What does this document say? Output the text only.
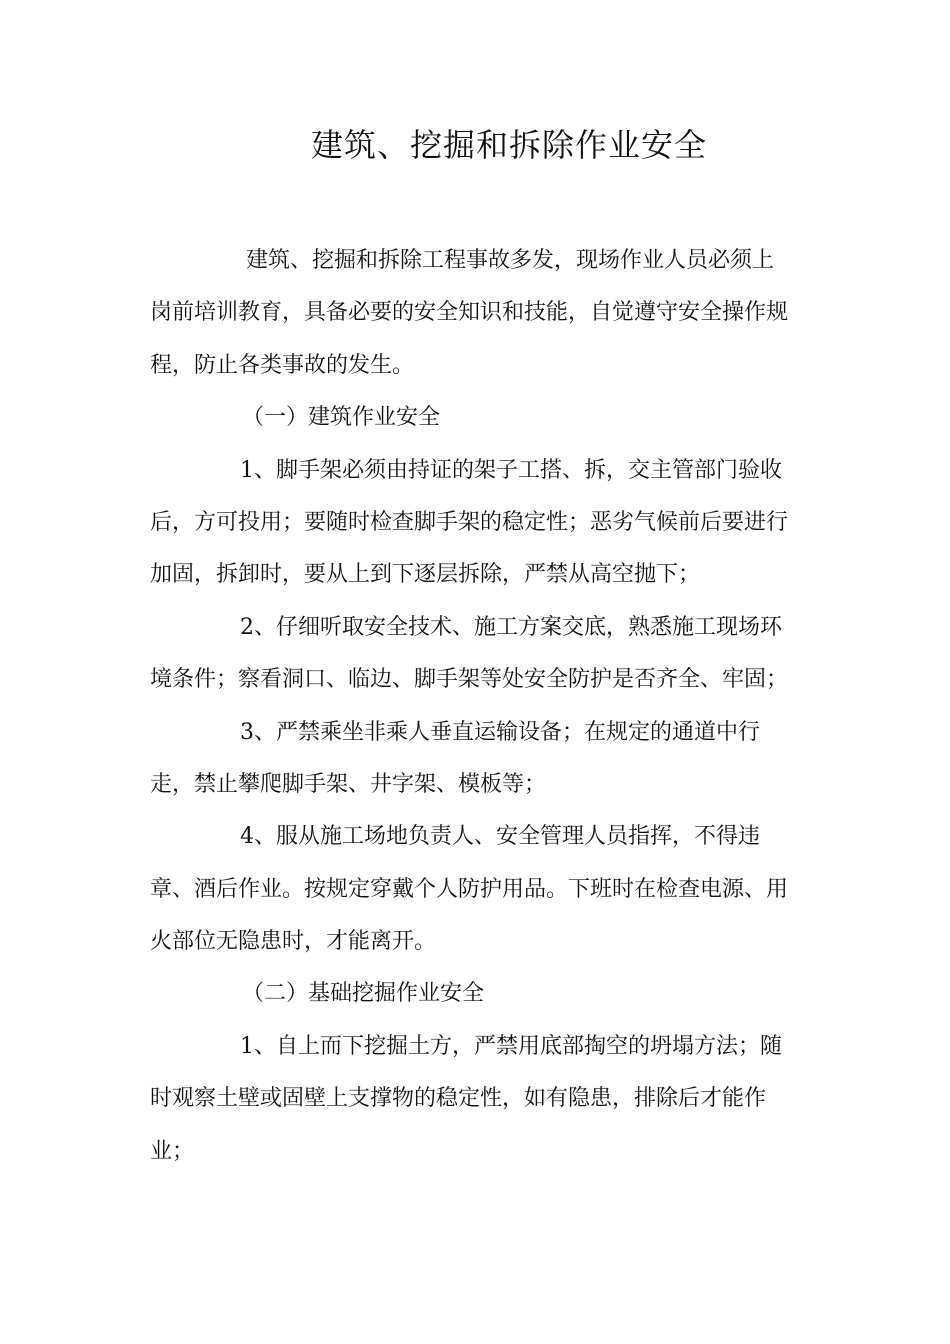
建筑、挖掘和拆除作业安全
建筑、挖掘和拆除工程事故多发，现场作业人员必须上
岗前培训教育，具备必要的安全知识和技能，自觉遵守安全操作规
程，防止各类事故的发生。
（一）建筑作业安全
1、脚手架必须由持证的架子工搭、拆，交主管部门验收
后，方可投用；要随时检查脚手架的稳定性；恶劣气候前后要进行
加固，拆卸时，要从上到下逐层拆除，严禁从高空抛下；
2、仔细听取安全技术、施工方案交底，熟悉施工现场环
境条件；察看洞口、临边、脚手架等处安全防护是否齐全、牢固；
3、严禁乘坐非乘人垂直运输设备；在规定的通道中行
走，禁止攀爬脚手架、井字架、模板等；
4、服从施工场地负责人、安全管理人员指挥，不得违
章、酒后作业。按规定穿戴个人防护用品。下班时在检查电源、用
火部位无隐患时，才能离开。
（二）基础挖掘作业安全
1、自上而下挖掘土方，严禁用底部掏空的坍塌方法；随
时观察土壁或固壁上支撑物的稳定性，如有隐患，排除后才能作
业；
